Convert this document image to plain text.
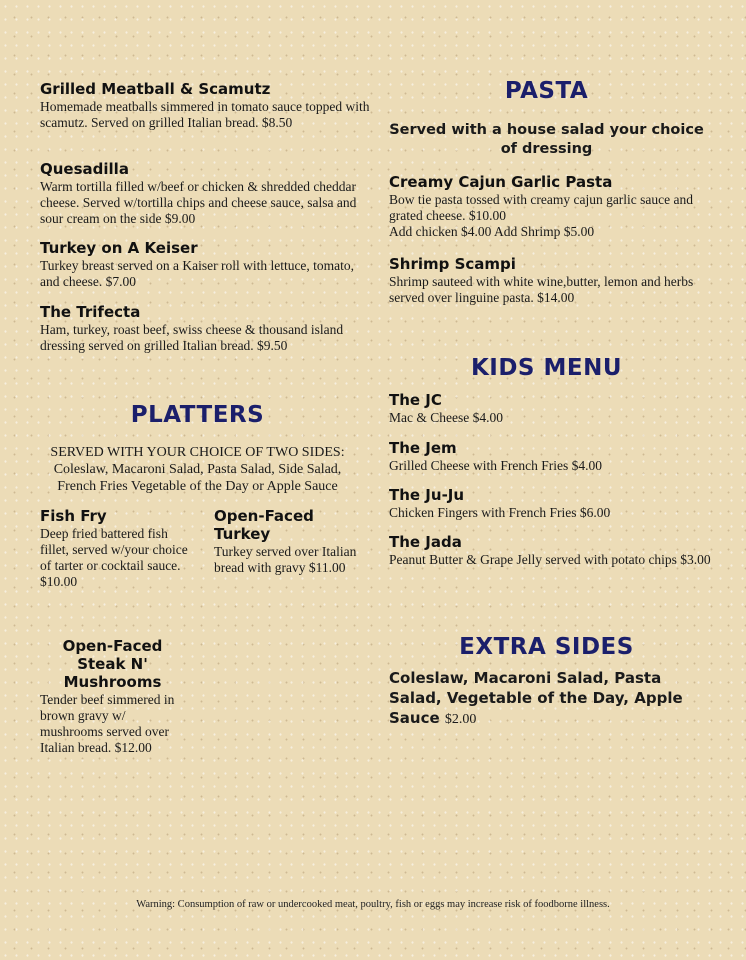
Grilled Meatball & Scamutz
Homemade meatballs simmered in tomato sauce topped with scamutz. Served on grilled Italian bread. $8.50
Quesadilla
Warm tortilla filled w/beef or chicken & shredded cheddar cheese. Served w/tortilla chips and cheese sauce, salsa and sour cream on the side $9.00
Turkey on A Keiser
Turkey breast served on a Kaiser roll with lettuce, tomato, and cheese. $7.00
The Trifecta
Ham, turkey, roast beef, swiss cheese & thousand island dressing served on grilled Italian bread. $9.50
PLATTERS
SERVED WITH YOUR CHOICE OF TWO SIDES:
Coleslaw, Macaroni Salad, Pasta Salad, Side Salad, French Fries Vegetable of the Day or Apple Sauce
Fish Fry
Deep fried battered fish fillet, served w/your choice of tarter or cocktail sauce. $10.00
Open-Faced Turkey
Turkey served over Italian bread with gravy $11.00
Open-Faced Steak N' Mushrooms
Tender beef simmered in brown gravy w/ mushrooms served over Italian bread. $12.00
PASTA
Served with a house salad your choice of dressing
Creamy Cajun Garlic Pasta
Bow tie pasta tossed with creamy cajun garlic sauce and grated cheese. $10.00
Add chicken $4.00 Add Shrimp $5.00
Shrimp Scampi
Shrimp sauteed with white wine,butter, lemon and herbs served over linguine pasta. $14.00
KIDS MENU
The JC
Mac & Cheese $4.00
The Jem
Grilled Cheese with French Fries $4.00
The Ju-Ju
Chicken Fingers with French Fries $6.00
The Jada
Peanut Butter & Grape Jelly served with potato chips $3.00
EXTRA SIDES
Coleslaw, Macaroni Salad, Pasta Salad, Vegetable of the Day, Apple Sauce $2.00
Warning: Consumption of raw or undercooked meat, poultry, fish or eggs may increase risk of foodborne illness.
